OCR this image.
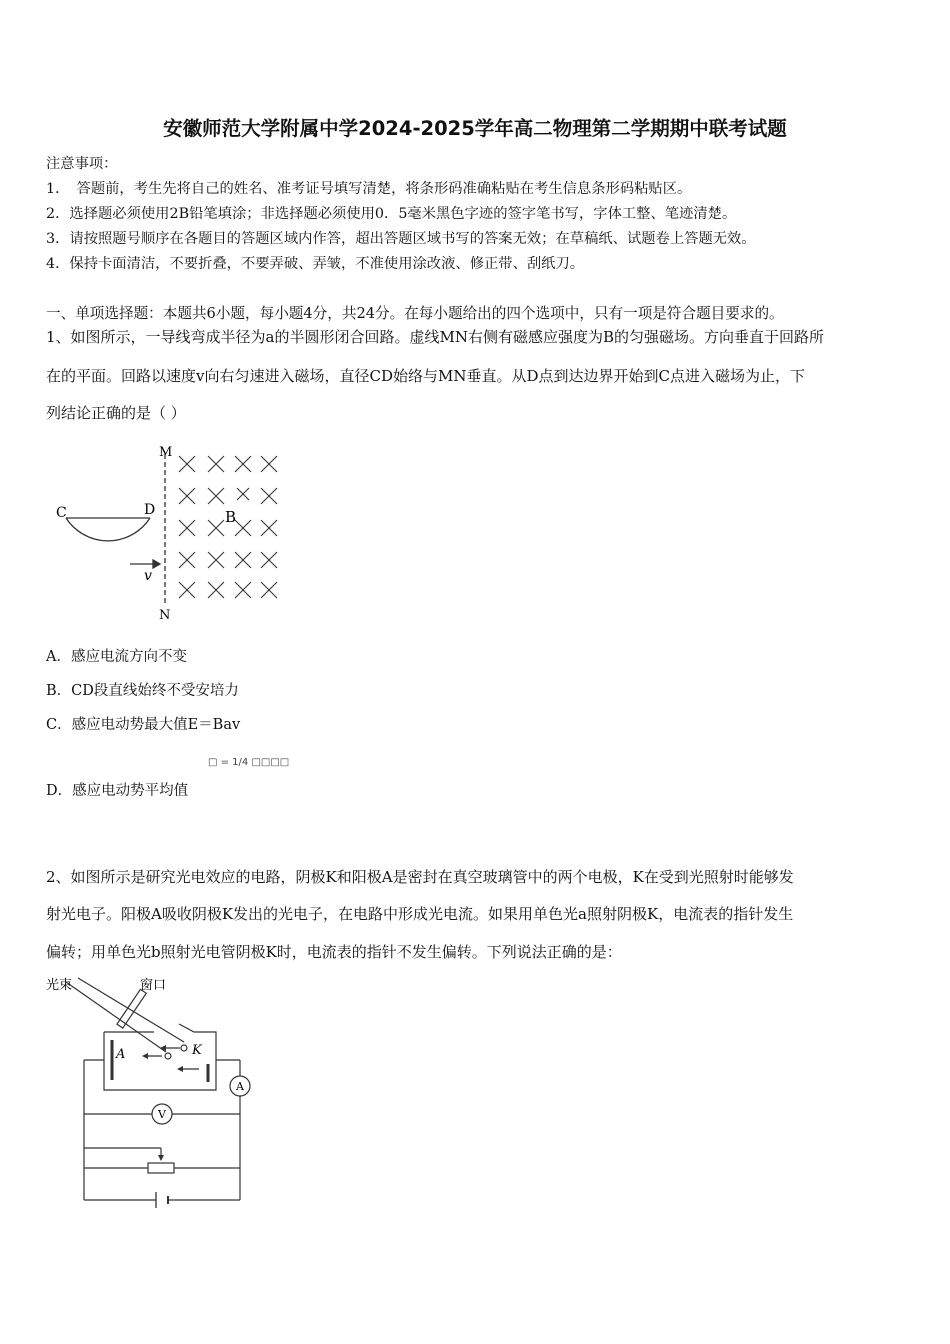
安徽师范大学附属中学2024-2025学年高二物理第二学期期中联考试题
注意事项：
1．　答题前，考生先将自己的姓名、准考证号填写清楚，将条形码准确粘贴在考生信息条形码粘贴区。
2．选择题必须使用2B铅笔填涂；非选择题必须使用0．5毫米黑色字迹的签字笔书写，字体工整、笔迹清楚。
3．请按照题号顺序在各题目的答题区域内作答，超出答题区域书写的答案无效；在草稿纸、试题卷上答题无效。
4．保持卡面清洁，不要折叠，不要弄破、弄皱，不准使用涂改液、修正带、刮纸刀。
一、单项选择题：本题共6小题，每小题4分，共24分。在每小题给出的四个选项中，只有一项是符合题目要求的。
1、如图所示，一导线弯成半径为a的半圆形闭合回路。虚线MN右侧有磁感应强度为B的匀强磁场。方向垂直于回路所
在的平面。回路以速度v向右匀速进入磁场，直径CD始络与MN垂直。从D点到达边界开始到C点进入磁场为止，下
列结论正确的是（ ）
M
N
C	D	B
v
A．感应电流方向不变
B．CD段直线始终不受安培力
C．感应电动势最大值E＝Bav
D．感应电动势平均值
□ = 1/4 □□□□
2、如图所示是研究光电效应的电路，阴极K和阳极A是密封在真空玻璃管中的两个电极，K在受到光照射时能够发
射光电子。阳极A吸收阴极K发出的光电子，在电路中形成光电流。如果用单色光a照射阴极K，电流表的指针发生
偏转；用单色光b照射光电管阴极K时，电流表的指针不发生偏转。下列说法正确的是：
光束	窗口
A	K
A
V
